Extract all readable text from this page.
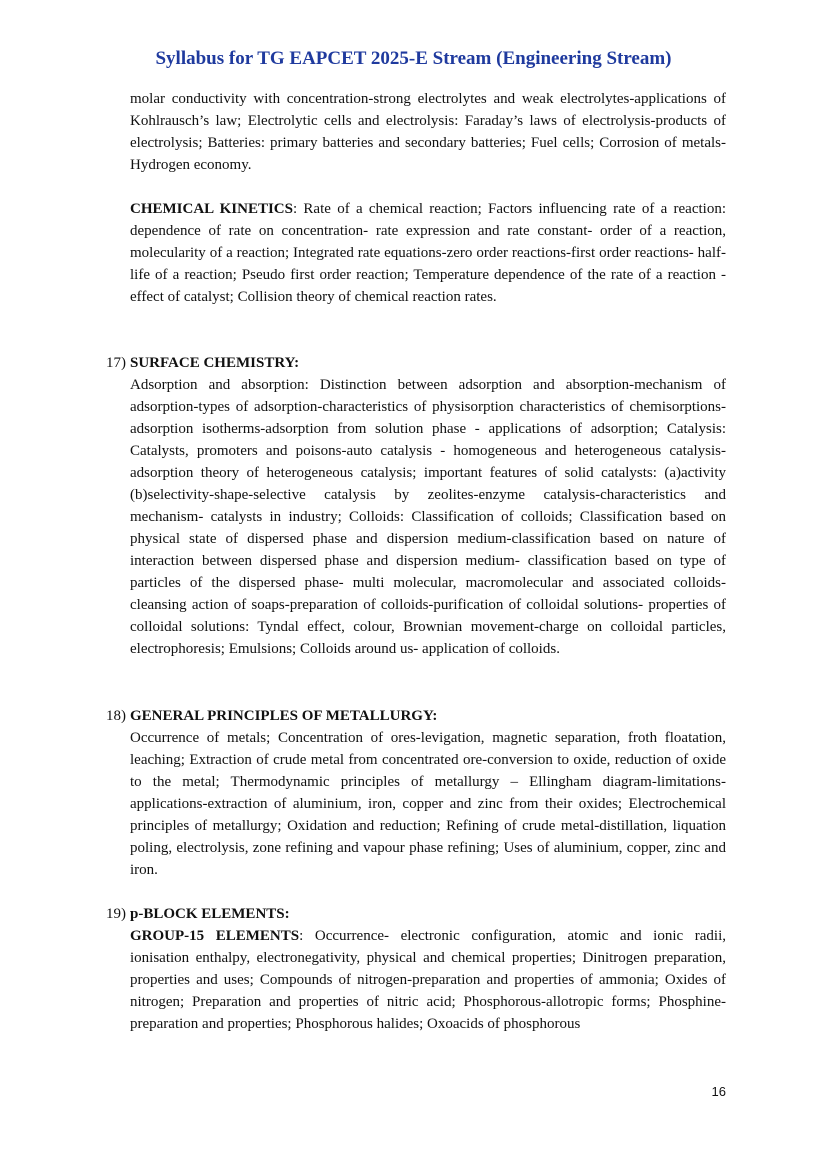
Syllabus for TG EAPCET 2025-E Stream (Engineering Stream)
molar conductivity with concentration-strong electrolytes and weak electrolytes-applications of Kohlrausch’s law; Electrolytic cells and electrolysis: Faraday’s laws of electrolysis-products of electrolysis; Batteries: primary batteries and secondary batteries; Fuel cells; Corrosion of metals-Hydrogen economy.
CHEMICAL KINETICS: Rate of a chemical reaction; Factors influencing rate of a reaction: dependence of rate on concentration- rate expression and rate constant- order of a reaction, molecularity of a reaction; Integrated rate equations-zero order reactions-first order reactions- half-life of a reaction; Pseudo first order reaction; Temperature dependence of the rate of a reaction -effect of catalyst; Collision theory of chemical reaction rates.
17) SURFACE CHEMISTRY:
Adsorption and absorption: Distinction between adsorption and absorption-mechanism of adsorption-types of adsorption-characteristics of physisorption characteristics of chemisorptions-adsorption isotherms-adsorption from solution phase - applications of adsorption; Catalysis: Catalysts, promoters and poisons-auto catalysis - homogeneous and heterogeneous catalysis-adsorption theory of heterogeneous catalysis; important features of solid catalysts: (a)activity (b)selectivity-shape-selective catalysis by zeolites-enzyme catalysis-characteristics and mechanism- catalysts in industry; Colloids: Classification of colloids; Classification based on physical state of dispersed phase and dispersion medium-classification based on nature of interaction between dispersed phase and dispersion medium- classification based on type of particles of the dispersed phase- multi molecular, macromolecular and associated colloids- cleansing action of soaps-preparation of colloids-purification of colloidal solutions- properties of colloidal solutions: Tyndal effect, colour, Brownian movement-charge on colloidal particles, electrophoresis; Emulsions; Colloids around us- application of colloids.
18) GENERAL PRINCIPLES OF METALLURGY:
Occurrence of metals; Concentration of ores-levigation, magnetic separation, froth floatation, leaching; Extraction of crude metal from concentrated ore-conversion to oxide, reduction of oxide to the metal; Thermodynamic principles of metallurgy – Ellingham diagram-limitations-applications-extraction of aluminium, iron, copper and zinc from their oxides; Electrochemical principles of metallurgy; Oxidation and reduction; Refining of crude metal-distillation, liquation poling, electrolysis, zone refining and vapour phase refining; Uses of aluminium, copper, zinc and iron.
19) p-BLOCK ELEMENTS:
GROUP-15 ELEMENTS: Occurrence- electronic configuration, atomic and ionic radii, ionisation enthalpy, electronegativity, physical and chemical properties; Dinitrogen preparation, properties and uses; Compounds of nitrogen-preparation and properties of ammonia; Oxides of nitrogen; Preparation and properties of nitric acid; Phosphorous-allotropic forms; Phosphine-preparation and properties; Phosphorous halides; Oxoacids of phosphorous
16
